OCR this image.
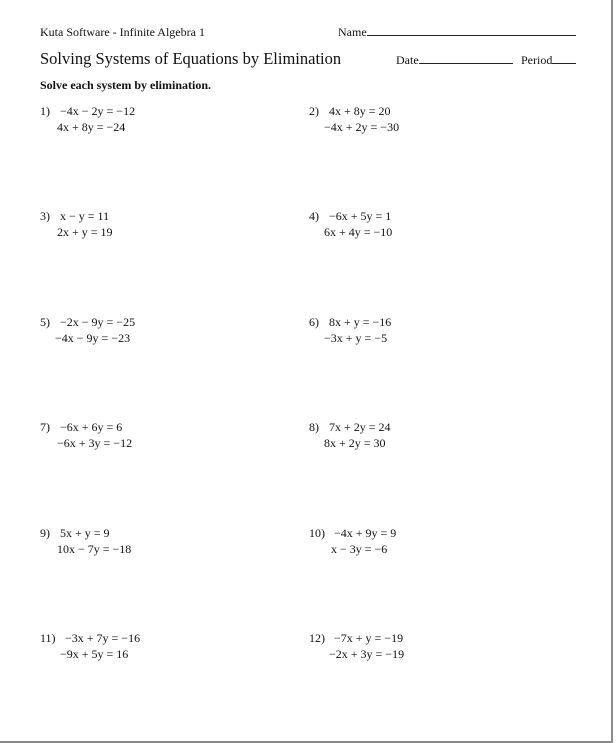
Kuta Software - Infinite Algebra 1	Name
Solving Systems of Equations by Elimination	Date	Period
Solve each system by elimination.
1) −4x − 2y = −12
4x + 8y = −24
2) 4x + 8y = 20
−4x + 2y = −30
3) x − y = 11
2x + y = 19
4) −6x + 5y = 1
6x + 4y = −10
5) −2x − 9y = −25
−4x − 9y = −23
6) 8x + y = −16
−3x + y = −5
7) −6x + 6y = 6
−6x + 3y = −12
8) 7x + 2y = 24
8x + 2y = 30
9) 5x + y = 9
10x − 7y = −18
10) −4x + 9y = 9
x − 3y = −6
11) −3x + 7y = −16
−9x + 5y = 16
12) −7x + y = −19
−2x + 3y = −19
